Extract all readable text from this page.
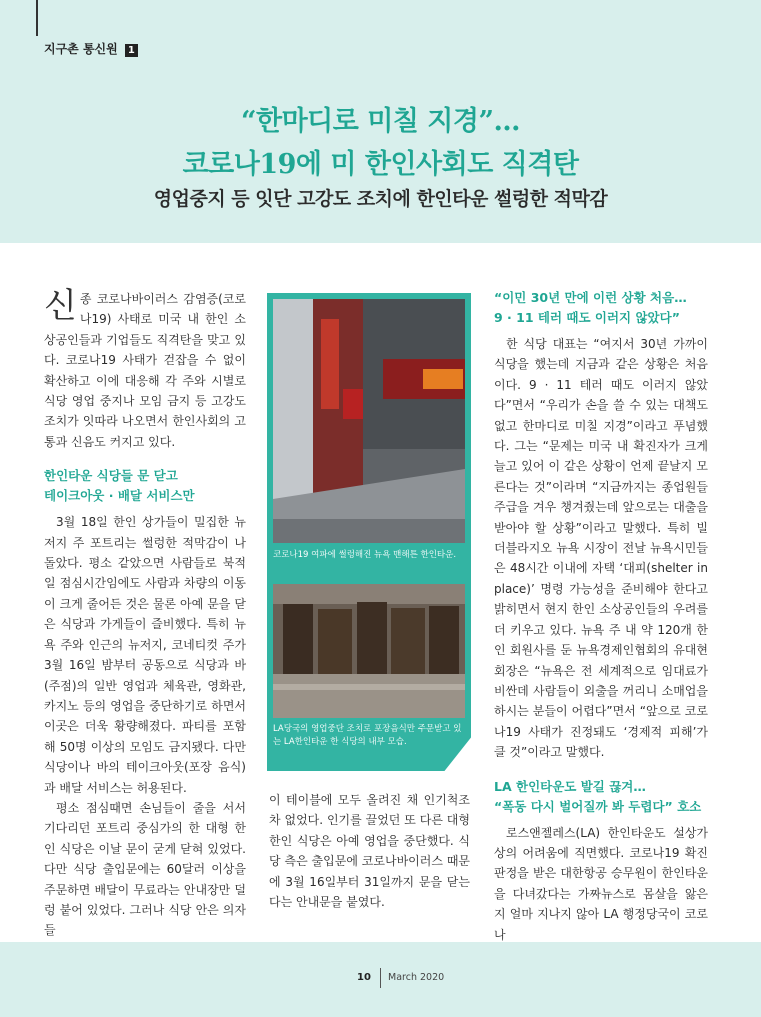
지구촌 통신원 1
“한마디로 미칠 지경”…
코로나19에 미 한인사회도 직격탄
영업중지 등 잇단 고강도 조치에 한인타운 썰렁한 적막감

신종 코로나바이러스 감염증(코로나19) 사태로 미국 내 한인 소상공인들과 기업들도 직격탄을 맞고 있다. 코로나19 사태가 걷잡을 수 없이 확산하고 이에 대응해 각 주와 시별로 식당 영업 중지나 모임 금지 등 고강도 조치가 잇따라 나오면서 한인사회의 고통과 신음도 커지고 있다.

한인타운 식당들 문 닫고
테이크아웃 · 배달 서비스만

3월 18일 한인 상가들이 밀집한 뉴저지 주 포트리는 썰렁한 적막감이 나돌았다. 평소 같았으면 사람들로 북적일 점심시간임에도 사람과 차량의 이동이 크게 줄어든 것은 물론 아예 문을 닫은 식당과 가게들이 즐비했다. 특히 뉴욕 주와 인근의 뉴저지, 코네티컷 주가 3월 16일 밤부터 공동으로 식당과 바(주점)의 일반 영업과 체육관, 영화관, 카지노 등의 영업을 중단하기로 하면서 이곳은 더욱 황량해졌다. 파티를 포함해 50명 이상의 모임도 금지됐다. 다만 식당이나 바의 테이크아웃(포장 음식)과 배달 서비스는 허용된다.

평소 점심때면 손님들이 줄을 서서 기다리던 포트리 중심가의 한 대형 한인 식당은 이날 문이 굳게 닫혀 있었다. 다만 식당 출입문에는 60달러 이상을 주문하면 배달이 무료라는 안내장만 덜렁 붙어 있었다. 그러나 식당 안은 의자들

코로나19 여파에 썰렁해진 뉴욕 맨해튼 한인타운.
LA당국의 영업중단 조치로 포장음식만 주문받고 있는 LA한인타운 한 식당의 내부 모습.

이 테이블에 모두 올려진 채 인기척조차 없었다. 인기를 끌었던 또 다른 대형 한인 식당은 아예 영업을 중단했다. 식당 측은 출입문에 코로나바이러스 때문에 3월 16일부터 31일까지 문을 닫는다는 안내문을 붙였다.

“이민 30년 만에 이런 상황 처음…
9 · 11 테러 때도 이러지 않았다”

한 식당 대표는 “여지서 30년 가까이 식당을 했는데 지금과 같은 상황은 처음이다. 9 · 11 테러 때도 이러지 않았다”면서 “우리가 손을 쓸 수 있는 대책도 없고 한마디로 미칠 지경”이라고 푸념했다. 그는 “문제는 미국 내 확진자가 크게 늘고 있어 이 같은 상황이 언제 끝날지 모른다는 것”이라며 “지금까지는 종업원들 주급을 겨우 챙겨줬는데 앞으로는 대출을 받아야 할 상황”이라고 말했다. 특히 빌 더블라지오 뉴욕 시장이 전날 뉴욕시민들은 48시간 이내에 자택 ‘대피(shelter in place)’ 명령 가능성을 준비해야 한다고 밝히면서 현지 한인 소상공인들의 우려를 더 키우고 있다. 뉴욕 주 내 약 120개 한인 회원사를 둔 뉴욕경제인협회의 유대현 회장은 “뉴욕은 전 세계적으로 임대료가 비싼데 사람들이 외출을 꺼리니 소매업을 하시는 분들이 어렵다”면서 “앞으로 코로나19 사태가 진정돼도 ‘경제적 피해’가 클 것”이라고 말했다.

LA 한인타운도 발길 끊겨…
“폭동 다시 벌어질까 봐 두렵다” 호소

로스앤젤레스(LA) 한인타운도 설상가상의 어려움에 직면했다. 코로나19 확진 판정을 받은 대한항공 승무원이 한인타운을 다녀갔다는 가짜뉴스로 몸살을 앓은 지 얼마 지나지 않아 LA 행정당국이 코로나

10 March 2020
